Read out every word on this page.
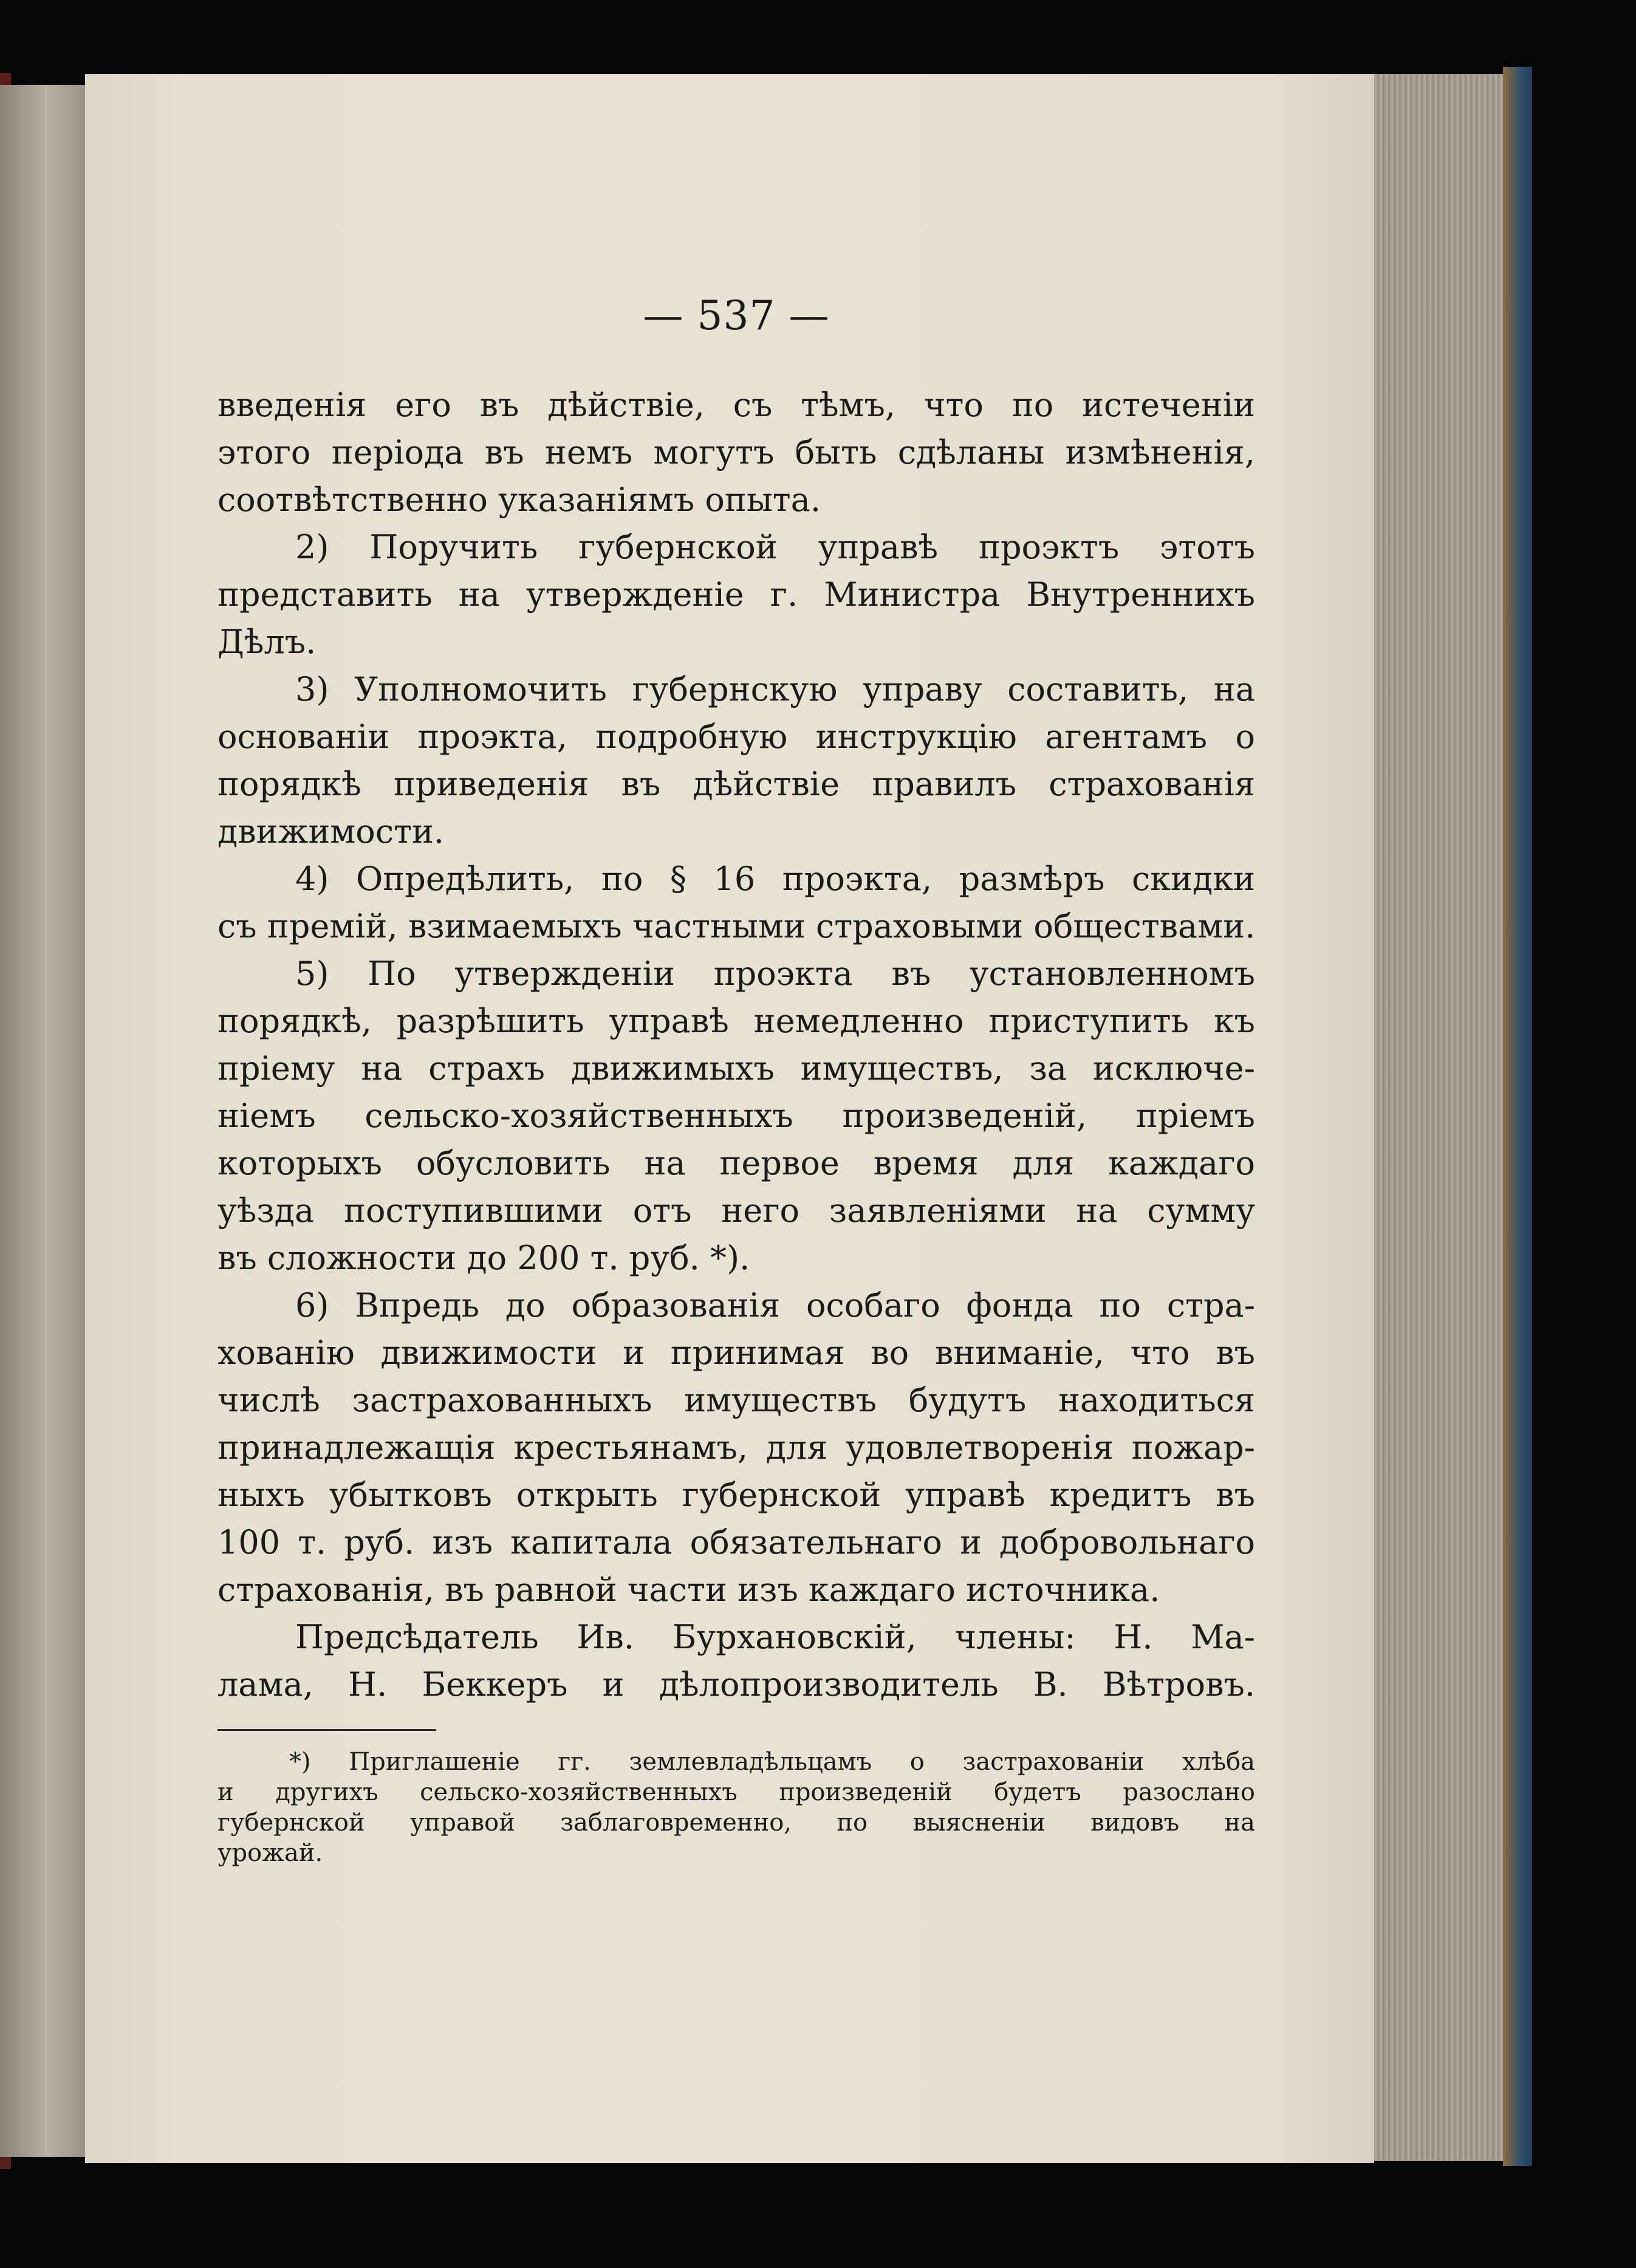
— 537 —
введенія его въ дѣйствіе, съ тѣмъ, что по истеченіи
этого періода въ немъ могутъ быть сдѣланы измѣненія,
соотвѣтственно указаніямъ опыта.
2) Поручить губернской управѣ проэктъ этотъ
представить на утвержденіе г. Министра Внутреннихъ
Дѣлъ.
3) Уполномочить губернскую управу составить, на
основаніи проэкта, подробную инструкцію агентамъ о
порядкѣ приведенія въ дѣйствіе правилъ страхованія
движимости.
4) Опредѣлить, по § 16 проэкта, размѣръ скидки
съ премій, взимаемыхъ частными страховыми обществами.
5) По утвержденіи проэкта въ установленномъ
порядкѣ, разрѣшить управѣ немедленно приступить къ
пріему на страхъ движимыхъ имуществъ, за исключе-
ніемъ сельско-хозяйственныхъ произведеній, пріемъ
которыхъ обусловить на первое время для каждаго
уѣзда поступившими отъ него заявленіями на сумму
въ сложности до 200 т. руб. *).
6) Впредь до образованія особаго фонда по стра-
хованію движимости и принимая во вниманіе, что въ
числѣ застрахованныхъ имуществъ будутъ находиться
принадлежащія крестьянамъ, для удовлетворенія пожар-
ныхъ убытковъ открыть губернской управѣ кредитъ въ
100 т. руб. изъ капитала обязательнаго и добровольнаго
страхованія, въ равной части изъ каждаго источника.
Предсѣдатель Ив. Бурхановскій, члены: Н. Ма-
лама, Н. Беккеръ и дѣлопроизводитель В. Вѣтровъ.
*) Приглашеніе гг. землевладѣльцамъ о застрахованіи хлѣба
и другихъ сельско-хозяйственныхъ произведеній будетъ разослано
губернской управой заблаговременно, по выясненіи видовъ на
урожай.
